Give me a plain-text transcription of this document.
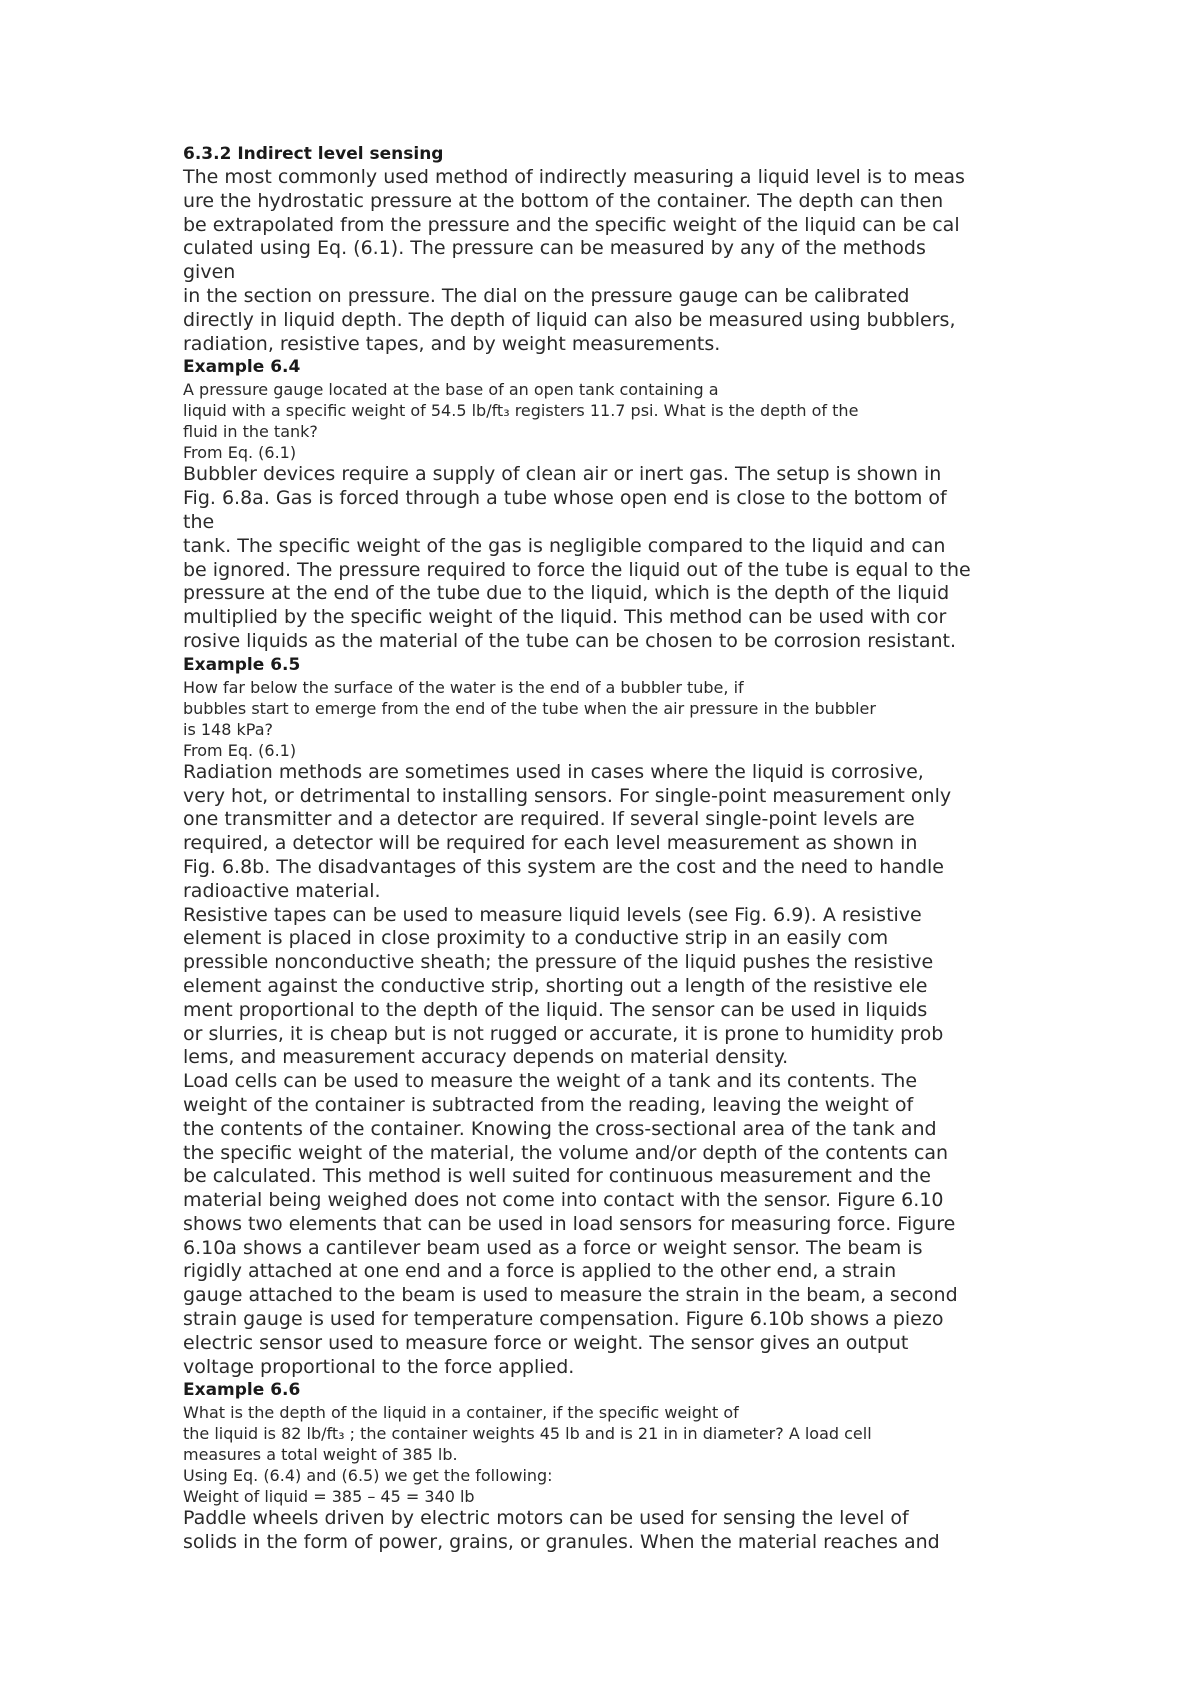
6.3.2 Indirect level sensing
The most commonly used method of indirectly measuring a liquid level is to meas
ure the hydrostatic pressure at the bottom of the container. The depth can then
be extrapolated from the pressure and the specific weight of the liquid can be cal
culated using Eq. (6.1). The pressure can be measured by any of the methods
given
in the section on pressure. The dial on the pressure gauge can be calibrated
directly in liquid depth. The depth of liquid can also be measured using bubblers,
radiation, resistive tapes, and by weight measurements.
Example 6.4
A pressure gauge located at the base of an open tank containing a
liquid with a specific weight of 54.5 lb/ft₃ registers 11.7 psi. What is the depth of the
fluid in the tank?
From Eq. (6.1)
Bubbler devices require a supply of clean air or inert gas. The setup is shown in
Fig. 6.8a. Gas is forced through a tube whose open end is close to the bottom of
the
tank. The specific weight of the gas is negligible compared to the liquid and can
be ignored. The pressure required to force the liquid out of the tube is equal to the
pressure at the end of the tube due to the liquid, which is the depth of the liquid
multiplied by the specific weight of the liquid. This method can be used with cor
rosive liquids as the material of the tube can be chosen to be corrosion resistant.
Example 6.5
How far below the surface of the water is the end of a bubbler tube, if
bubbles start to emerge from the end of the tube when the air pressure in the bubbler
is 148 kPa?
From Eq. (6.1)
Radiation methods are sometimes used in cases where the liquid is corrosive,
very hot, or detrimental to installing sensors. For single-point measurement only
one transmitter and a detector are required. If several single-point levels are
required, a detector will be required for each level measurement as shown in
Fig. 6.8b. The disadvantages of this system are the cost and the need to handle
radioactive material.
Resistive tapes can be used to measure liquid levels (see Fig. 6.9). A resistive
element is placed in close proximity to a conductive strip in an easily com
pressible nonconductive sheath; the pressure of the liquid pushes the resistive
element against the conductive strip, shorting out a length of the resistive ele
ment proportional to the depth of the liquid. The sensor can be used in liquids
or slurries, it is cheap but is not rugged or accurate, it is prone to humidity prob
lems, and measurement accuracy depends on material density.
Load cells can be used to measure the weight of a tank and its contents. The
weight of the container is subtracted from the reading, leaving the weight of
the contents of the container. Knowing the cross-sectional area of the tank and
the specific weight of the material, the volume and/or depth of the contents can
be calculated. This method is well suited for continuous measurement and the
material being weighed does not come into contact with the sensor. Figure 6.10
shows two elements that can be used in load sensors for measuring force. Figure
6.10a shows a cantilever beam used as a force or weight sensor. The beam is
rigidly attached at one end and a force is applied to the other end, a strain
gauge attached to the beam is used to measure the strain in the beam, a second
strain gauge is used for temperature compensation. Figure 6.10b shows a piezo
electric sensor used to measure force or weight. The sensor gives an output
voltage proportional to the force applied.
Example 6.6
What is the depth of the liquid in a container, if the specific weight of
the liquid is 82 lb/ft₃ ; the container weights 45 lb and is 21 in in diameter? A load cell
measures a total weight of 385 lb.
Using Eq. (6.4) and (6.5) we get the following:
Weight of liquid = 385 – 45 = 340 lb
Paddle wheels driven by electric motors can be used for sensing the level of
solids in the form of power, grains, or granules. When the material reaches and
